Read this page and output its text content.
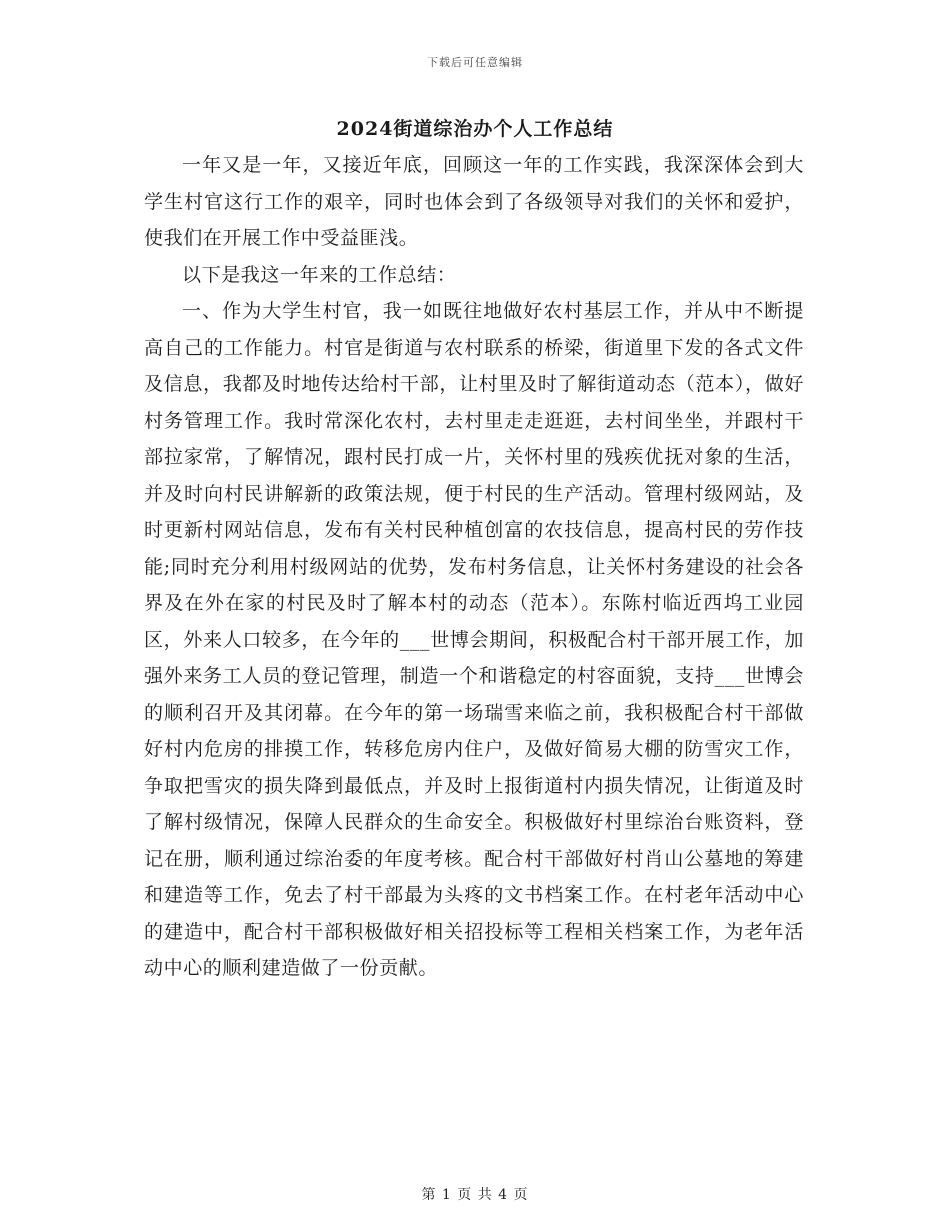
下载后可任意编辑
2024街道综治办个人工作总结

一年又是一年，又接近年底，回顾这一年的工作实践，我深深体会到大学生村官这行工作的艰辛，同时也体会到了各级领导对我们的关怀和爱护，使我们在开展工作中受益匪浅。

以下是我这一年来的工作总结：

一、作为大学生村官，我一如既往地做好农村基层工作，并从中不断提高自己的工作能力。村官是街道与农村联系的桥梁，街道里下发的各式文件及信息，我都及时地传达给村干部，让村里及时了解街道动态（范本），做好村务管理工作。我时常深化农村，去村里走走逛逛，去村间坐坐，并跟村干部拉家常，了解情况，跟村民打成一片，关怀村里的残疾优抚对象的生活，并及时向村民讲解新的政策法规，便于村民的生产活动。管理村级网站，及时更新村网站信息，发布有关村民种植创富的农技信息，提高村民的劳作技能;同时充分利用村级网站的优势，发布村务信息，让关怀村务建设的社会各界及在外在家的村民及时了解本村的动态（范本）。东陈村临近西坞工业园区，外来人口较多，在今年的___世博会期间，积极配合村干部开展工作，加强外来务工人员的登记管理，制造一个和谐稳定的村容面貌，支持___世博会的顺利召开及其闭幕。在今年的第一场瑞雪来临之前，我积极配合村干部做好村内危房的排摸工作，转移危房内住户，及做好简易大棚的防雪灾工作，争取把雪灾的损失降到最低点，并及时上报街道村内损失情况，让街道及时了解村级情况，保障人民群众的生命安全。积极做好村里综治台账资料，登记在册，顺利通过综治委的年度考核。配合村干部做好村肖山公墓地的筹建和建造等工作，免去了村干部最为头疼的文书档案工作。在村老年活动中心的建造中，配合村干部积极做好相关招投标等工程相关档案工作，为老年活动中心的顺利建造做了一份贡献。

第 1 页 共 4 页
